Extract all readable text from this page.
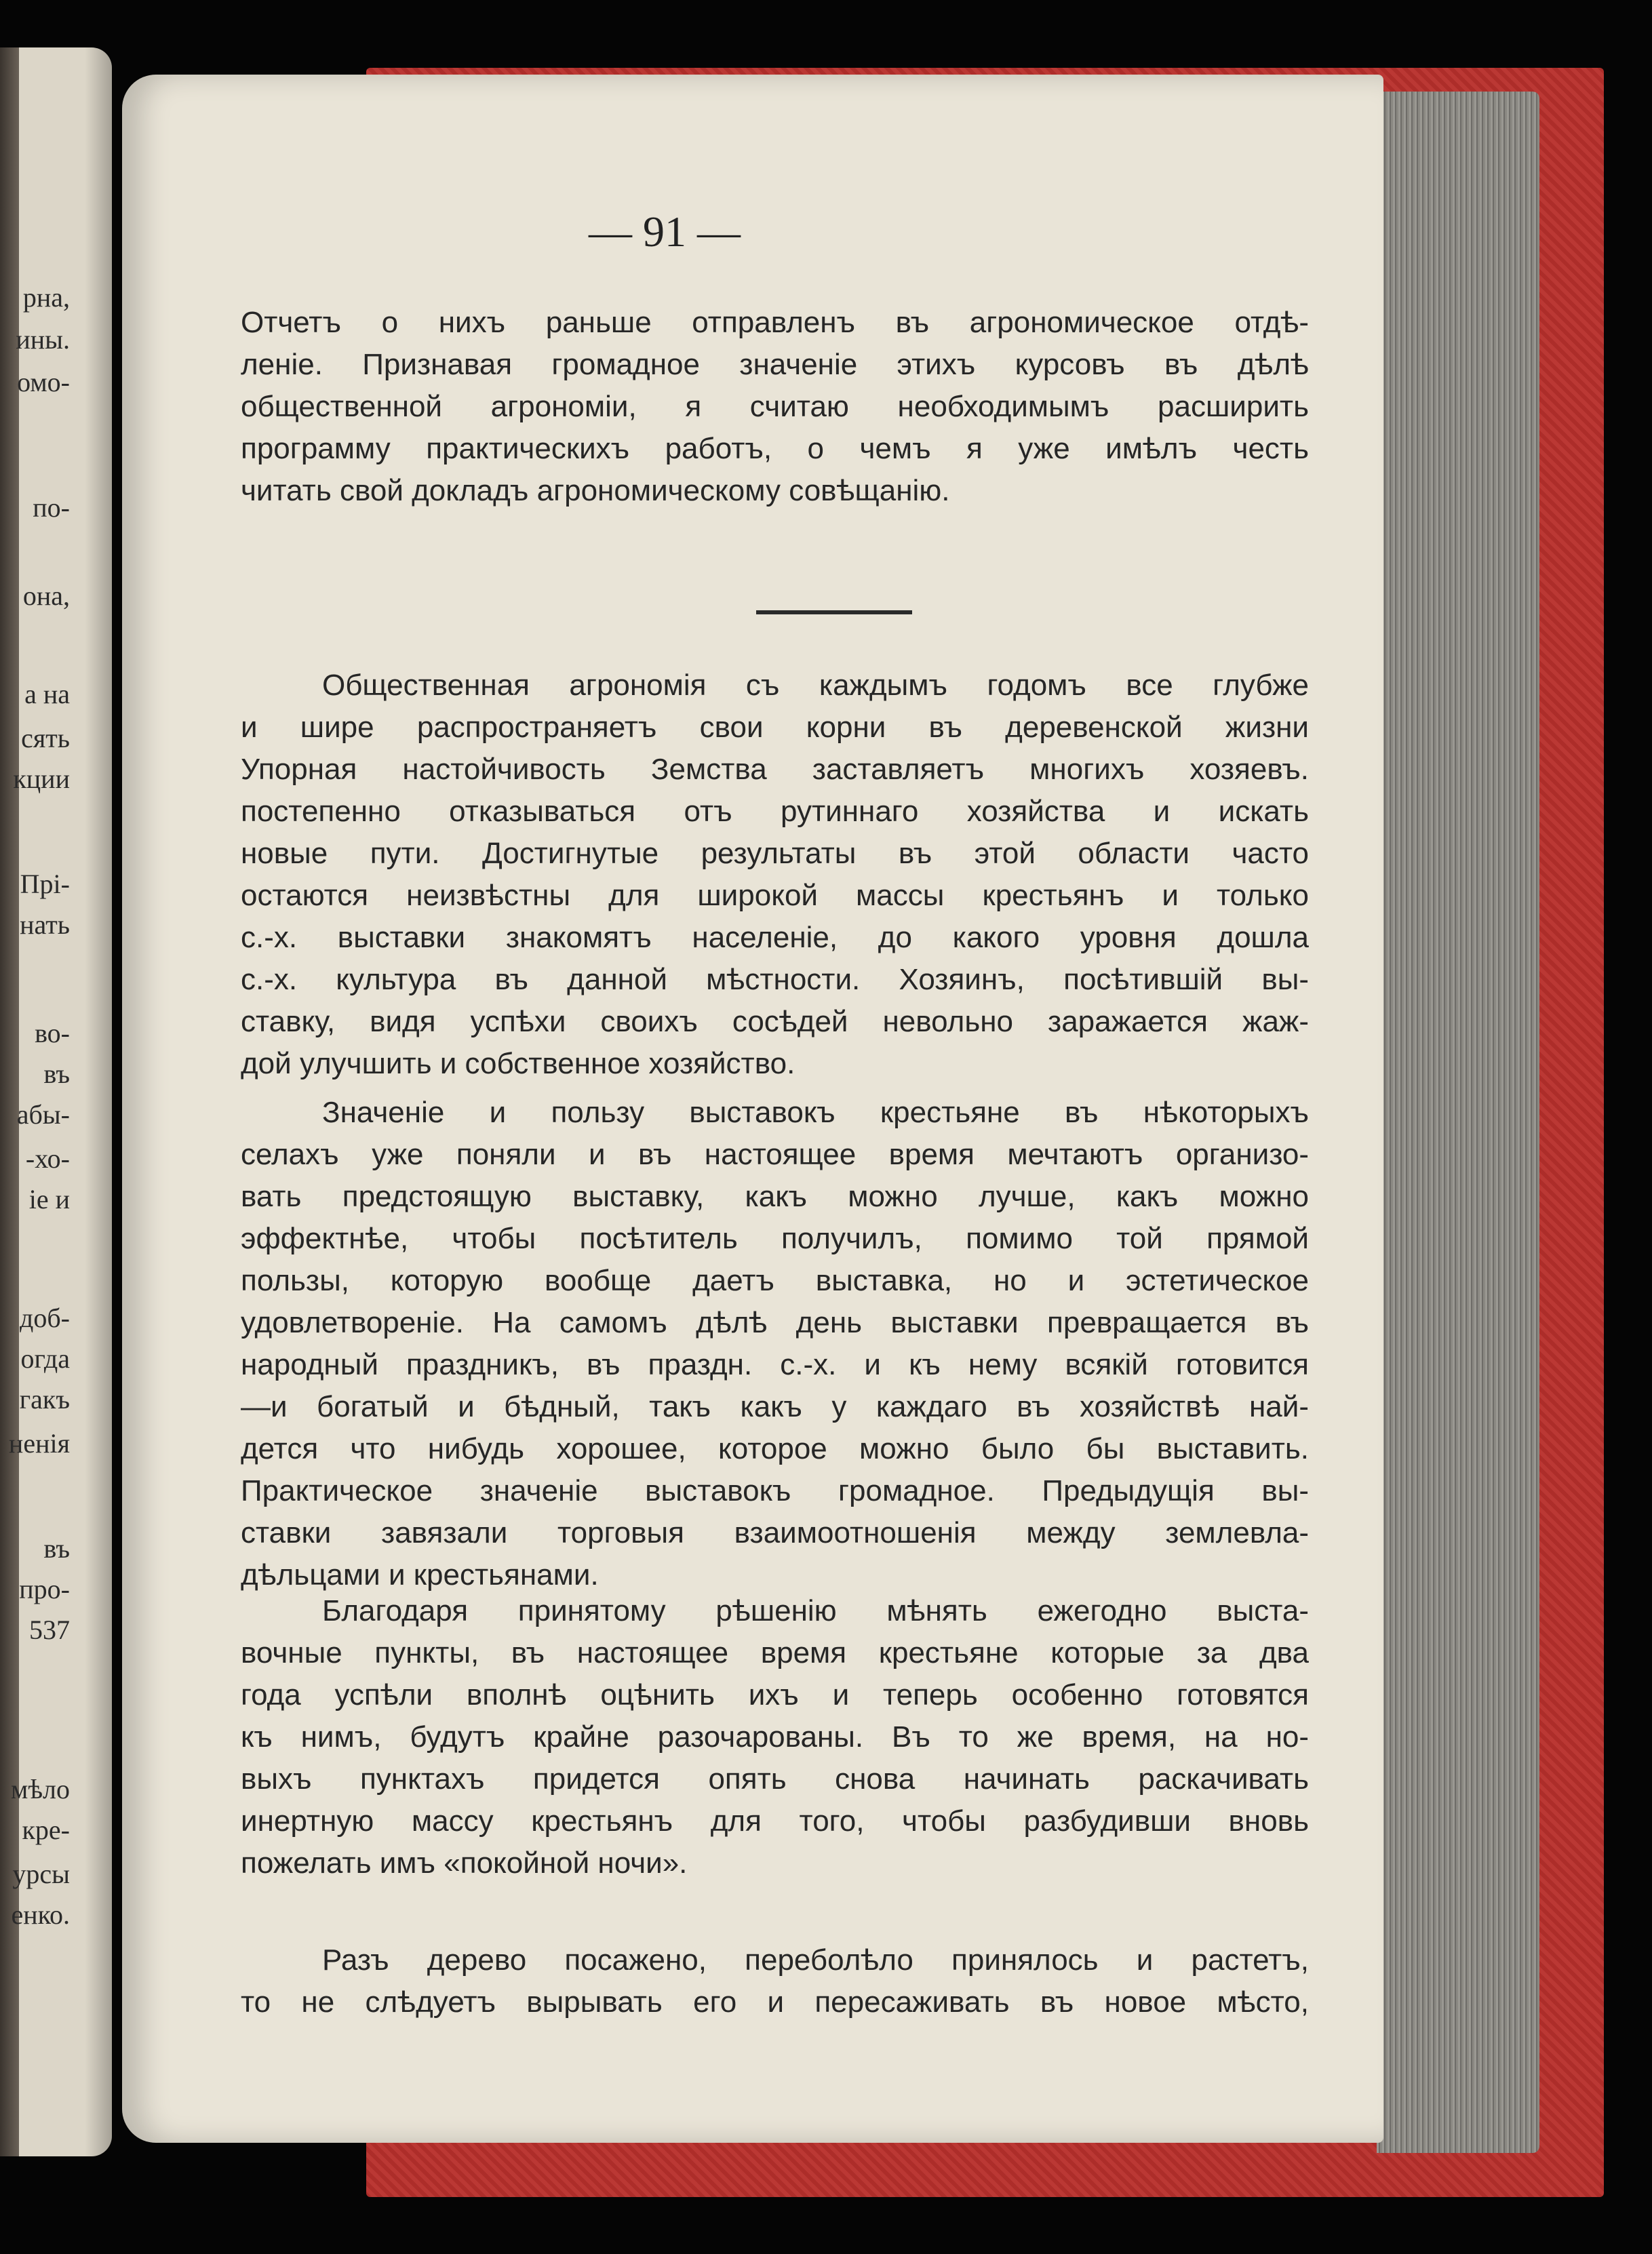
рна,
ины.
омо-
по-
она,
а на
сять
кции
Прі-
нать
во-
въ
абы-
-хо-
іе и
доб-
огда
гакъ
ненія
въ
про-
537
мѣло
кре-
урсы
енко.
— 91 —
Отчетъ о нихъ раньше отправленъ въ агрономическое отдѣ-
леніе. Признавая громадное значеніе этихъ курсовъ въ дѣлѣ
общественной агрономіи, я считаю необходимымъ расширить
программу практическихъ работъ, о чемъ я уже имѣлъ честь
читать свой докладъ агрономическому совѣщанію.
Общественная агрономія съ каждымъ годомъ все глубже
и шире распространяетъ свои корни въ деревенской жизни
Упорная настойчивость Земства заставляетъ многихъ хозяевъ.
постепенно отказываться отъ рутиннаго хозяйства и искать
новые пути. Достигнутые результаты въ этой области часто
остаются неизвѣстны для широкой массы крестьянъ и только
с.-х. выставки знакомятъ населеніе, до какого уровня дошла
с.-х. культура въ данной мѣстности. Хозяинъ, посѣтившій вы-
ставку, видя успѣхи своихъ сосѣдей невольно заражается жаж-
дой улучшить и собственное хозяйство.
Значеніе и пользу выставокъ крестьяне въ нѣкоторыхъ
селахъ уже поняли и въ настоящее время мечтаютъ организо-
вать предстоящую выставку, какъ можно лучше, какъ можно
эффектнѣе, чтобы посѣтитель получилъ, помимо той прямой
пользы, которую вообще даетъ выставка, но и эстетическое
удовлетвореніе. На самомъ дѣлѣ день выставки превращается въ
народный праздникъ, въ праздн. с.-х. и къ нему всякій готовится
—и богатый и бѣдный, такъ какъ у каждаго въ хозяйствѣ най-
дется что нибудь хорошее, которое можно было бы выставить.
Практическое значеніе выставокъ громадное. Предыдущія вы-
ставки завязали торговыя взаимоотношенія между землевла-
дѣльцами и крестьянами.
Благодаря принятому рѣшенію мѣнять ежегодно выста-
вочные пункты, въ настоящее время крестьяне которые за два
года успѣли вполнѣ оцѣнить ихъ и теперь особенно готовятся
къ нимъ, будутъ крайне разочарованы. Въ то же время, на но-
выхъ пунктахъ придется опять снова начинать раскачивать
инертную массу крестьянъ для того, чтобы разбудивши вновь
пожелать имъ «покойной ночи».
Разъ дерево посажено, переболѣло принялось и растетъ,
то не слѣдуетъ вырывать его и пересаживать въ новое мѣсто,
